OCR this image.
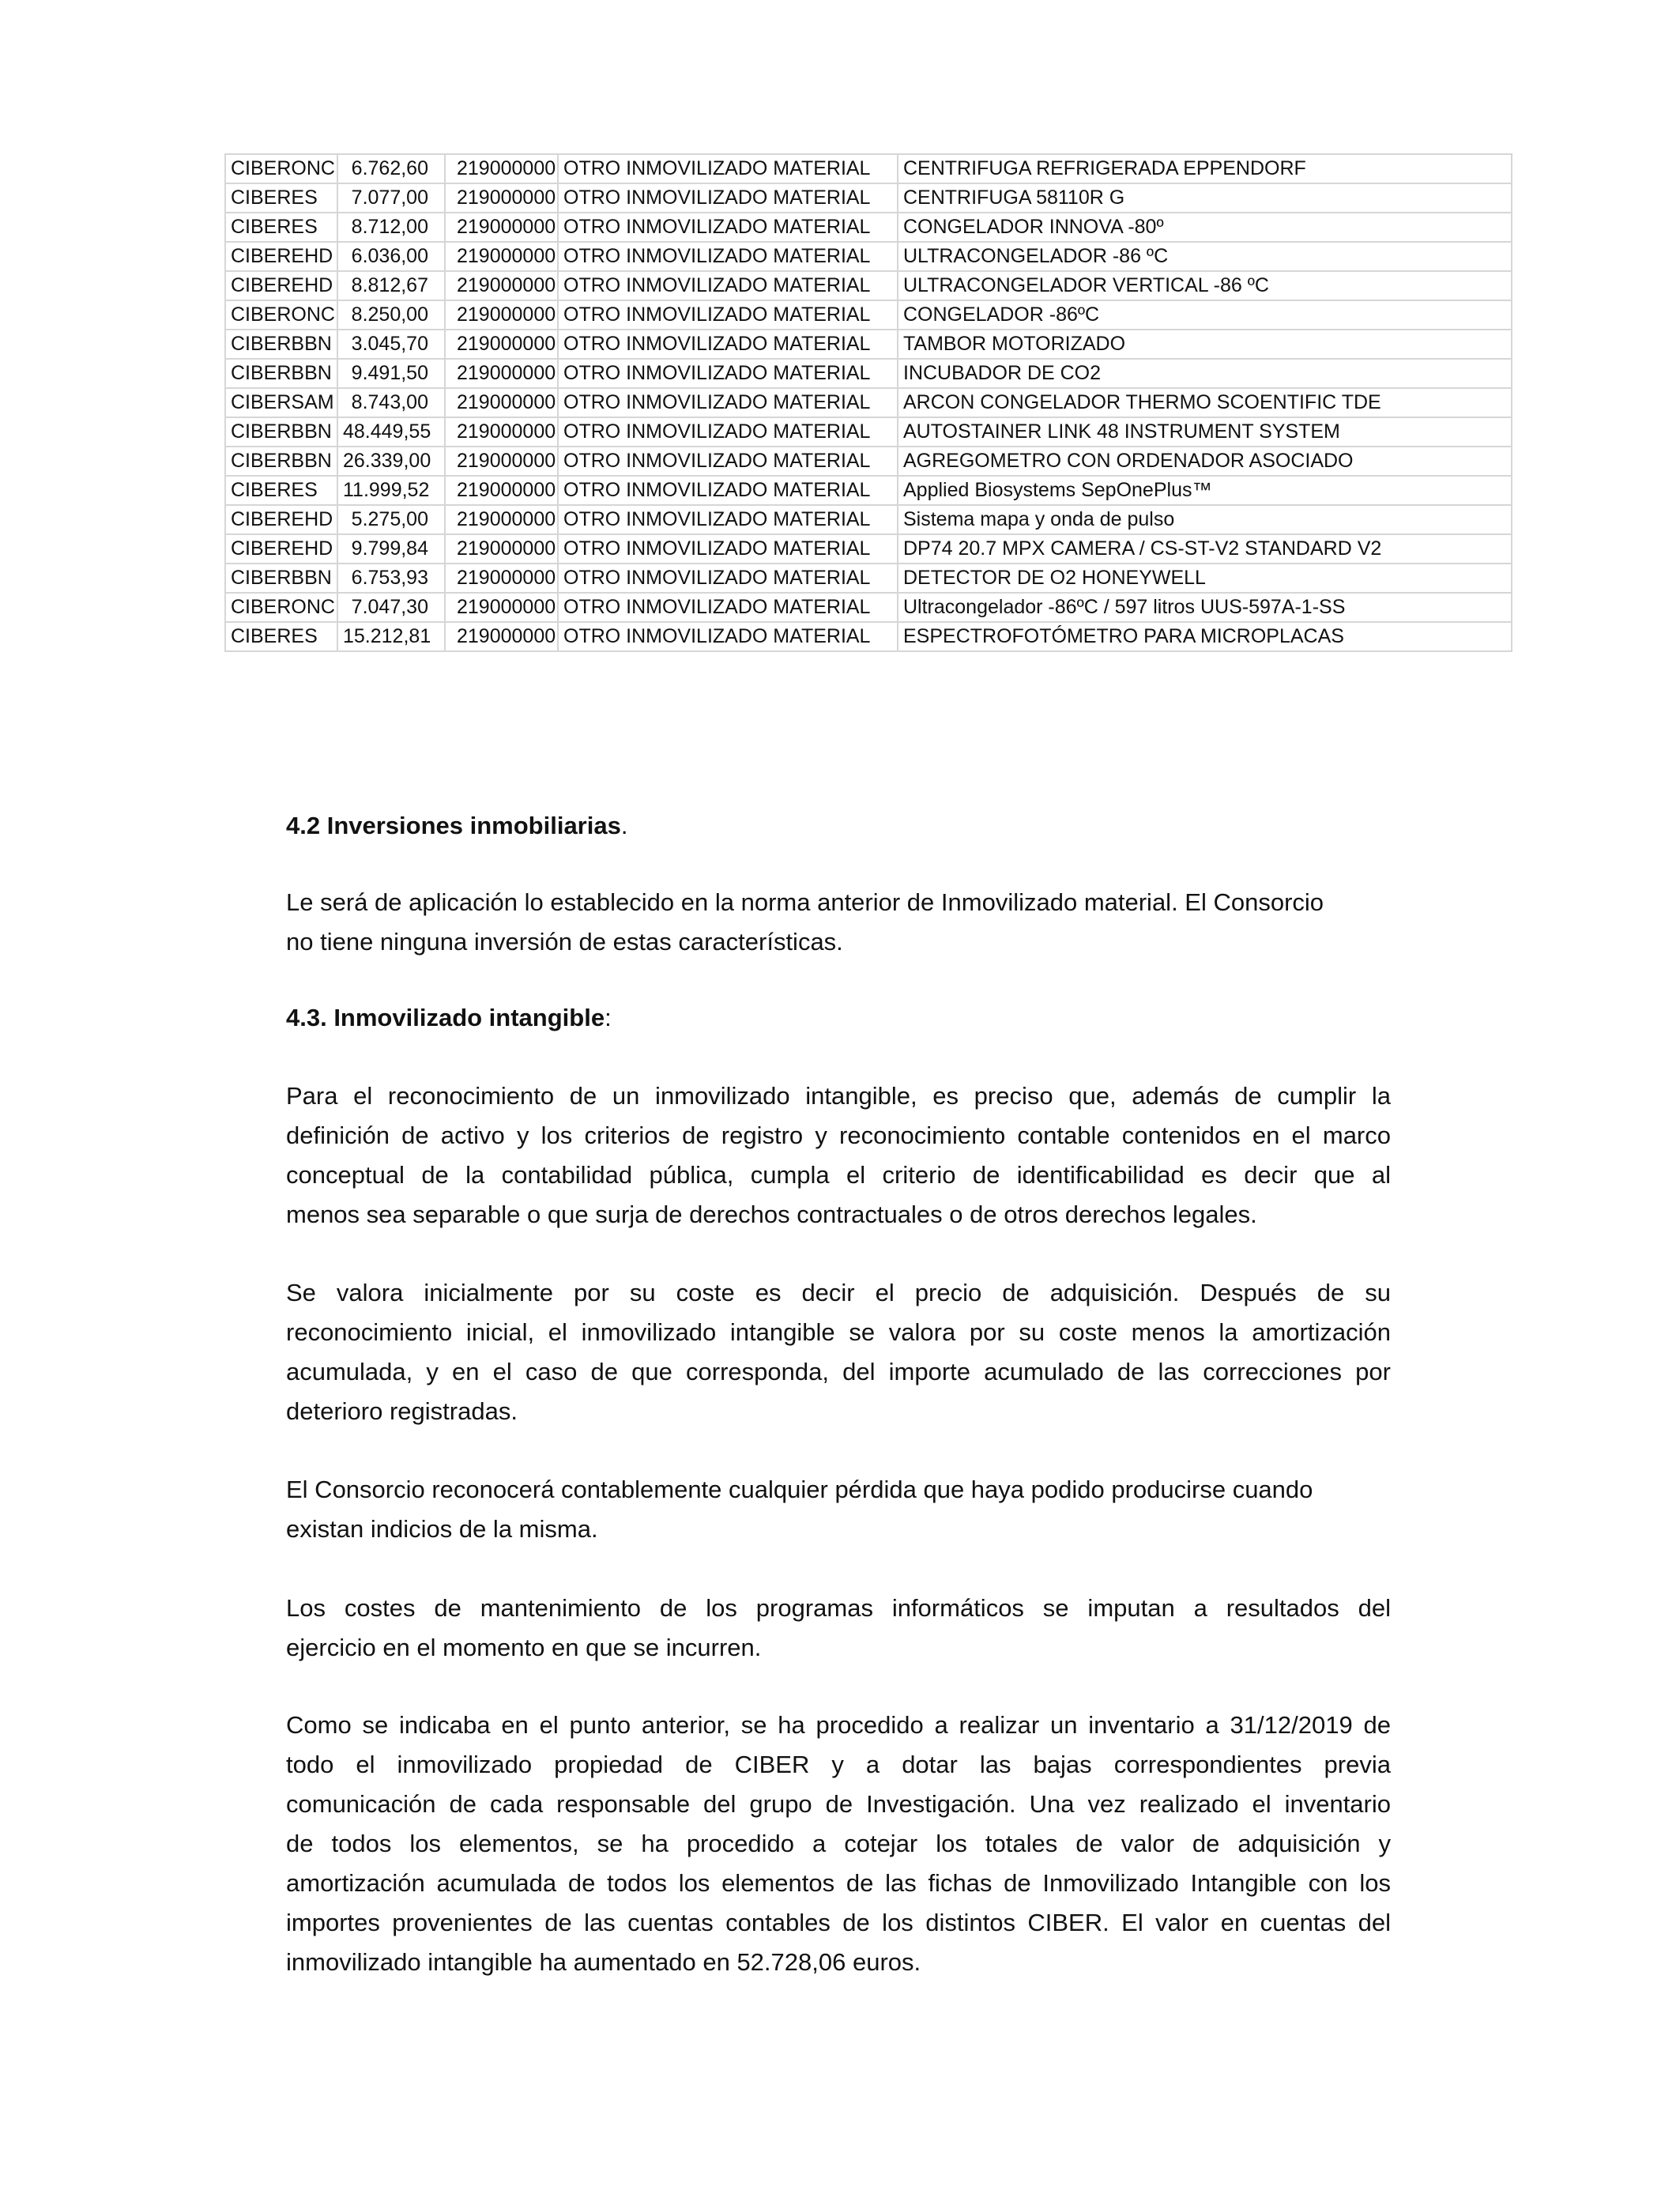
CIBERONC	6.762,60	219000000	OTRO INMOVILIZADO MATERIAL	CENTRIFUGA REFRIGERADA EPPENDORF
CIBERES	7.077,00	219000000	OTRO INMOVILIZADO MATERIAL	CENTRIFUGA 58110R G
CIBERES	8.712,00	219000000	OTRO INMOVILIZADO MATERIAL	CONGELADOR INNOVA -80º
CIBEREHD	6.036,00	219000000	OTRO INMOVILIZADO MATERIAL	ULTRACONGELADOR -86 ºC
CIBEREHD	8.812,67	219000000	OTRO INMOVILIZADO MATERIAL	ULTRACONGELADOR VERTICAL -86 ºC
CIBERONC	8.250,00	219000000	OTRO INMOVILIZADO MATERIAL	CONGELADOR -86ºC
CIBERBBN	3.045,70	219000000	OTRO INMOVILIZADO MATERIAL	TAMBOR MOTORIZADO
CIBERBBN	9.491,50	219000000	OTRO INMOVILIZADO MATERIAL	INCUBADOR DE CO2
CIBERSAM	8.743,00	219000000	OTRO INMOVILIZADO MATERIAL	ARCON CONGELADOR THERMO SCOENTIFIC TDE
CIBERBBN	48.449,55	219000000	OTRO INMOVILIZADO MATERIAL	AUTOSTAINER LINK 48 INSTRUMENT SYSTEM
CIBERBBN	26.339,00	219000000	OTRO INMOVILIZADO MATERIAL	AGREGOMETRO CON ORDENADOR ASOCIADO
CIBERES	11.999,52	219000000	OTRO INMOVILIZADO MATERIAL	Applied Biosystems SepOnePlus™
CIBEREHD	5.275,00	219000000	OTRO INMOVILIZADO MATERIAL	Sistema mapa y onda de pulso
CIBEREHD	9.799,84	219000000	OTRO INMOVILIZADO MATERIAL	DP74 20.7 MPX CAMERA / CS-ST-V2 STANDARD V2
CIBERBBN	6.753,93	219000000	OTRO INMOVILIZADO MATERIAL	DETECTOR DE O2 HONEYWELL
CIBERONC	7.047,30	219000000	OTRO INMOVILIZADO MATERIAL	Ultracongelador -86ºC / 597 litros UUS-597A-1-SS
CIBERES	15.212,81	219000000	OTRO INMOVILIZADO MATERIAL	ESPECTROFOTÓMETRO PARA MICROPLACAS
4.2 Inversiones inmobiliarias.
Le será de aplicación lo establecido en la norma anterior de Inmovilizado material. El Consorcio
no tiene ninguna inversión de estas características.
4.3. Inmovilizado intangible:
Para el reconocimiento de un inmovilizado intangible, es preciso que, además de cumplir la
definición de activo y los criterios de registro y reconocimiento contable contenidos en el marco
conceptual de la contabilidad pública, cumpla el criterio de identificabilidad es decir que al
menos sea separable o que surja de derechos contractuales o de otros derechos legales.
Se valora inicialmente por su coste es decir el precio de adquisición. Después de su
reconocimiento inicial, el inmovilizado intangible se valora por su coste menos la amortización
acumulada, y en el caso de que corresponda, del importe acumulado de las correcciones por
deterioro registradas.
El Consorcio reconocerá contablemente cualquier pérdida que haya podido producirse cuando
existan indicios de la misma.
Los costes de mantenimiento de los programas informáticos se imputan a resultados del
ejercicio en el momento en que se incurren.
Como se indicaba en el punto anterior, se ha procedido a realizar un inventario a 31/12/2019 de
todo el inmovilizado propiedad de CIBER y a dotar las bajas correspondientes previa
comunicación de cada responsable del grupo de Investigación. Una vez realizado el inventario
de todos los elementos, se ha procedido a cotejar los totales de valor de adquisición y
amortización acumulada de todos los elementos de las fichas de Inmovilizado Intangible con los
importes provenientes de las cuentas contables de los distintos CIBER. El valor en cuentas del
inmovilizado intangible ha aumentado en 52.728,06 euros.
